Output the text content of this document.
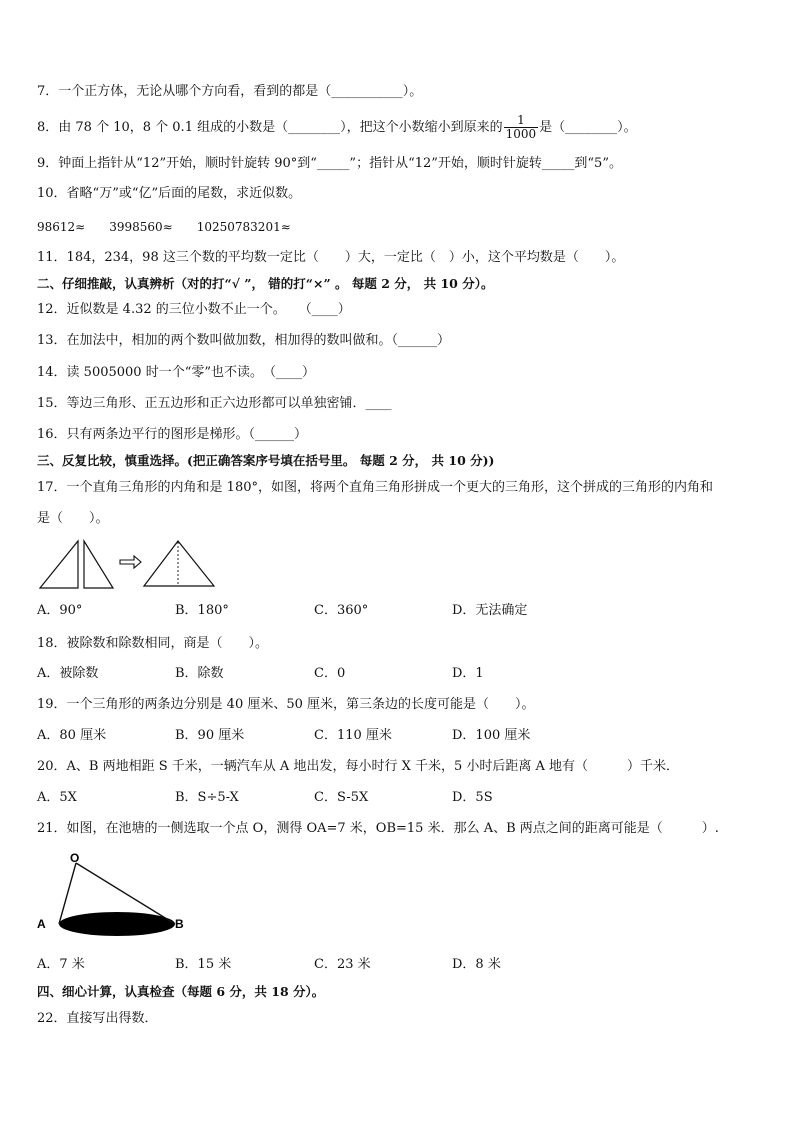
7．一个正方体，无论从哪个方向看，看到的都是（___________）。
8．由 78 个 10，8 个 0.1 组成的小数是（________），把这个小数缩小到原来的 $\frac{1}{1000}$ 是（________）。
9．钟面上指针从“12”开始，顺时针旋转 90°到“_____”；指针从“12”开始，顺时针旋转_____到“5”。
10．省略“万”或“亿”后面的尾数，求近似数。
98612≈　　3998560≈　　10250783201≈
11．184，234，98 这三个数的平均数一定比（　　）大，一定比（　）小，这个平均数是（　　）。
二、仔细推敲，认真辨析（对的打“√ ”， 错的打“×” 。 每题 2 分， 共 10 分）。
12．近似数是 4.32 的三位小数不止一个。　　（____）
13．在加法中，相加的两个数叫做加数，相加得的数叫做和。（______）
14．读 5005000 时一个“零”也不读。　（____）
15．等边三角形、正五边形和正六边形都可以单独密铺．____
16．只有两条边平行的图形是梯形。（______）
三、反复比较，慎重选择。(把正确答案序号填在括号里。 每题 2 分， 共 10 分))
17．一个直角三角形的内角和是 180°，如图，将两个直角三角形拼成一个更大的三角形，这个拼成的三角形的内角和
是（　　）。
A．90°	B．180°	C．360°	D．无法确定
18．被除数和除数相同，商是（　　）。
A．被除数	B．除数	C．0	D．1
19．一个三角形的两条边分别是 40 厘米、50 厘米，第三条边的长度可能是（　　）。
A．80 厘米	B．90 厘米	C．110 厘米	D．100 厘米
20．A、B 两地相距 S 千米，一辆汽车从 A 地出发，每小时行 X 千米，5 小时后距离 A 地有（　　　）千米．
A．5X	B．S÷5-X	C．S-5X	D．5S
21．如图，在池塘的一侧选取一个点 O，测得 OA=7 米，OB=15 米．那么 A、B 两点之间的距离可能是（　　　）.
O
A	B
A．7 米	B．15 米	C．23 米	D．8 米
四、细心计算，认真检查（每题 6 分，共 18 分）。
22．直接写出得数．
